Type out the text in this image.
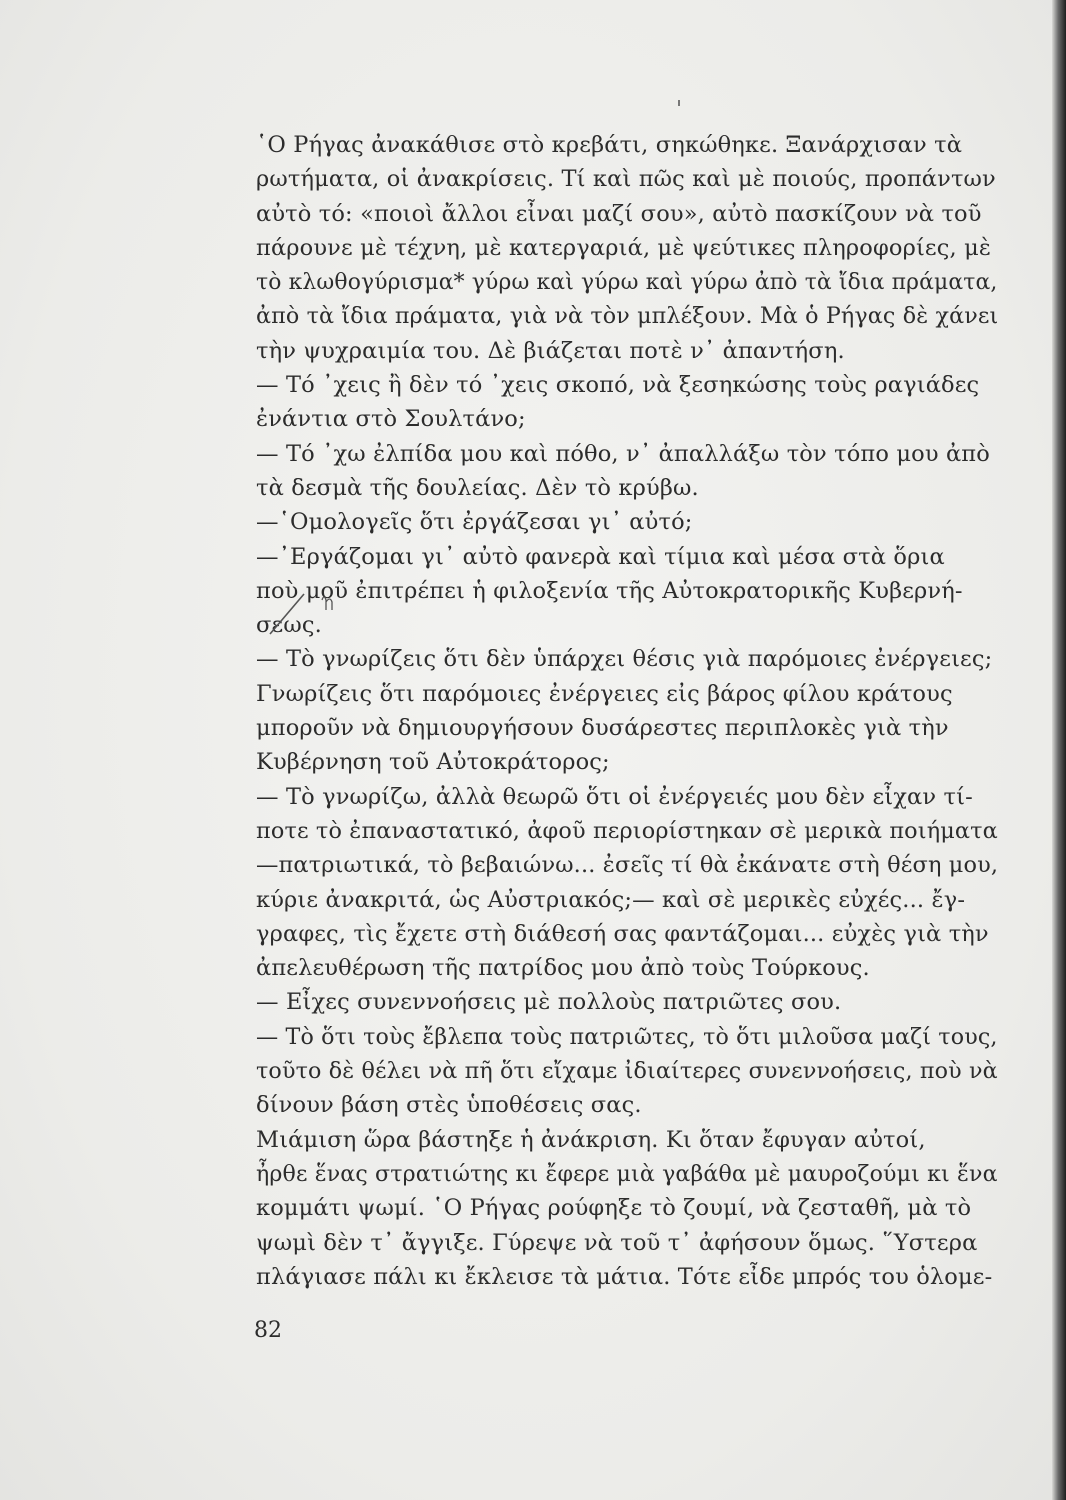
῾Ο Ρήγας ἀνακάθισε στὸ κρεβάτι, σηκώθηκε. Ξανάρχισαν τὰ
ρωτήματα, οἱ ἀνακρίσεις. Τί καὶ πῶς καὶ μὲ ποιούς, προπάντων
αὐτὸ τό: «ποιοὶ ἄλλοι εἶναι μαζί σου», αὐτὸ πασκίζουν νὰ τοῦ
πάρουνε μὲ τέχνη, μὲ κατεργαριά, μὲ ψεύτικες πληροφορίες, μὲ
τὸ κλωθογύρισμα* γύρω καὶ γύρω καὶ γύρω ἀπὸ τὰ ἴδια πράματα,
ἀπὸ τὰ ἴδια πράματα, γιὰ νὰ τὸν μπλέξουν. Μὰ ὁ Ρήγας δὲ χάνει
τὴν ψυχραιμία του. Δὲ βιάζεται ποτὲ ν᾿ ἀπαντήση.
— Τό ᾿χεις ἢ δὲν τό ᾿χεις σκοπό, νὰ ξεσηκώσης τοὺς ραγιάδες
ἐνάντια στὸ Σουλτάνο;
— Τό ᾿χω ἐλπίδα μου καὶ πόθο, ν᾿ ἀπαλλάξω τὸν τόπο μου ἀπὸ
τὰ δεσμὰ τῆς δουλείας. Δὲν τὸ κρύβω.
—῾Ομολογεῖς ὅτι ἐργάζεσαι γι᾿ αὐτό;
—᾿Εργάζομαι γι᾿ αὐτὸ φανερὰ καὶ τίμια καὶ μέσα στὰ ὅρια
ποὺ μοῦ ἐπιτρέπει ἡ φιλοξενία τῆς Αὐτοκρατορικῆς Κυβερνή-
σεως.
— Τὸ γνωρίζεις ὅτι δὲν ὑπάρχει θέσις γιὰ παρόμοιες ἐνέργειες;
Γνωρίζεις ὅτι παρόμοιες ἐνέργειες εἰς βάρος φίλου κράτους
μποροῦν νὰ δημιουργήσουν δυσάρεστες περιπλοκὲς γιὰ τὴν
Κυβέρνηση τοῦ Αὐτοκράτορος;
— Τὸ γνωρίζω, ἀλλὰ θεωρῶ ὅτι οἱ ἐνέργειές μου δὲν εἶχαν τί-
ποτε τὸ ἐπαναστατικό, ἀφοῦ περιορίστηκαν σὲ μερικὰ ποιήματα
—πατριωτικά, τὸ βεβαιώνω... ἐσεῖς τί θὰ ἐκάνατε στὴ θέση μου,
κύριε ἀνακριτά, ὡς Αὐστριακός;— καὶ σὲ μερικὲς εὐχές... ἔγ-
γραφες, τὶς ἔχετε στὴ διάθεσή σας φαντάζομαι... εὐχὲς γιὰ τὴν
ἀπελευθέρωση τῆς πατρίδος μου ἀπὸ τοὺς Τούρκους.
— Εἶχες συνεννοήσεις μὲ πολλοὺς πατριῶτες σου.
— Τὸ ὅτι τοὺς ἔβλεπα τοὺς πατριῶτες, τὸ ὅτι μιλοῦσα μαζί τους,
τοῦτο δὲ θέλει νὰ πῆ ὅτι εἴχαμε ἰδιαίτερες συνεννοήσεις, ποὺ νὰ
δίνουν βάση στὲς ὑποθέσεις σας.
Μιάμιση ὥρα βάστηξε ἡ ἀνάκριση. Κι ὅταν ἔφυγαν αὐτοί,
ἦρθε ἕνας στρατιώτης κι ἔφερε μιὰ γαβάθα μὲ μαυροζούμι κι ἕνα
κομμάτι ψωμί. ῾Ο Ρήγας ρούφηξε τὸ ζουμί, νὰ ζεσταθῆ, μὰ τὸ
ψωμὶ δὲν τ᾿ ἄγγιξε. Γύρεψε νὰ τοῦ τ᾿ ἀφήσουν ὅμως. ῞Υστερα
πλάγιασε πάλι κι ἔκλεισε τὰ μάτια. Τότε εἶδε μπρός του ὁλομε-
82
